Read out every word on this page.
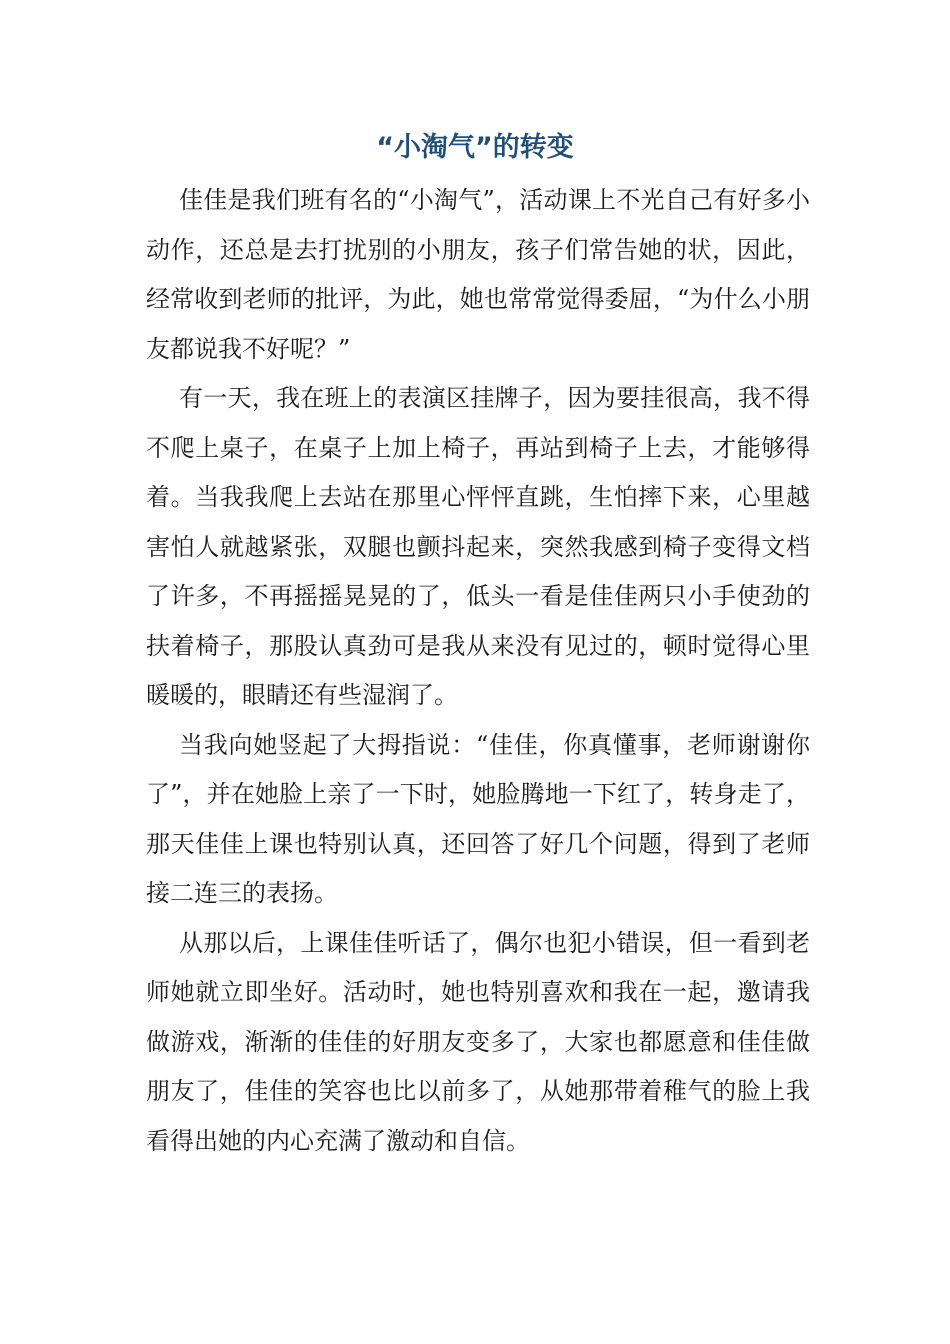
“小淘气”的转变

佳佳是我们班有名的“小淘气”，活动课上不光自己有好多小动作，还总是去打扰别的小朋友，孩子们常告她的状，因此，经常收到老师的批评，为此，她也常常觉得委屈，“为什么小朋友都说我不好呢？”

有一天，我在班上的表演区挂牌子，因为要挂很高，我不得不爬上桌子，在桌子上加上椅子，再站到椅子上去，才能够得着。当我我爬上去站在那里心怦怦直跳，生怕摔下来，心里越害怕人就越紧张，双腿也颤抖起来，突然我感到椅子变得文档了许多，不再摇摇晃晃的了，低头一看是佳佳两只小手使劲的扶着椅子，那股认真劲可是我从来没有见过的，顿时觉得心里暖暖的，眼睛还有些湿润了。

当我向她竖起了大拇指说：“佳佳，你真懂事，老师谢谢你了”，并在她脸上亲了一下时，她脸腾地一下红了，转身走了，那天佳佳上课也特别认真，还回答了好几个问题，得到了老师接二连三的表扬。

从那以后，上课佳佳听话了，偶尔也犯小错误，但一看到老师她就立即坐好。活动时，她也特别喜欢和我在一起，邀请我做游戏，渐渐的佳佳的好朋友变多了，大家也都愿意和佳佳做朋友了，佳佳的笑容也比以前多了，从她那带着稚气的脸上我看得出她的内心充满了激动和自信。
